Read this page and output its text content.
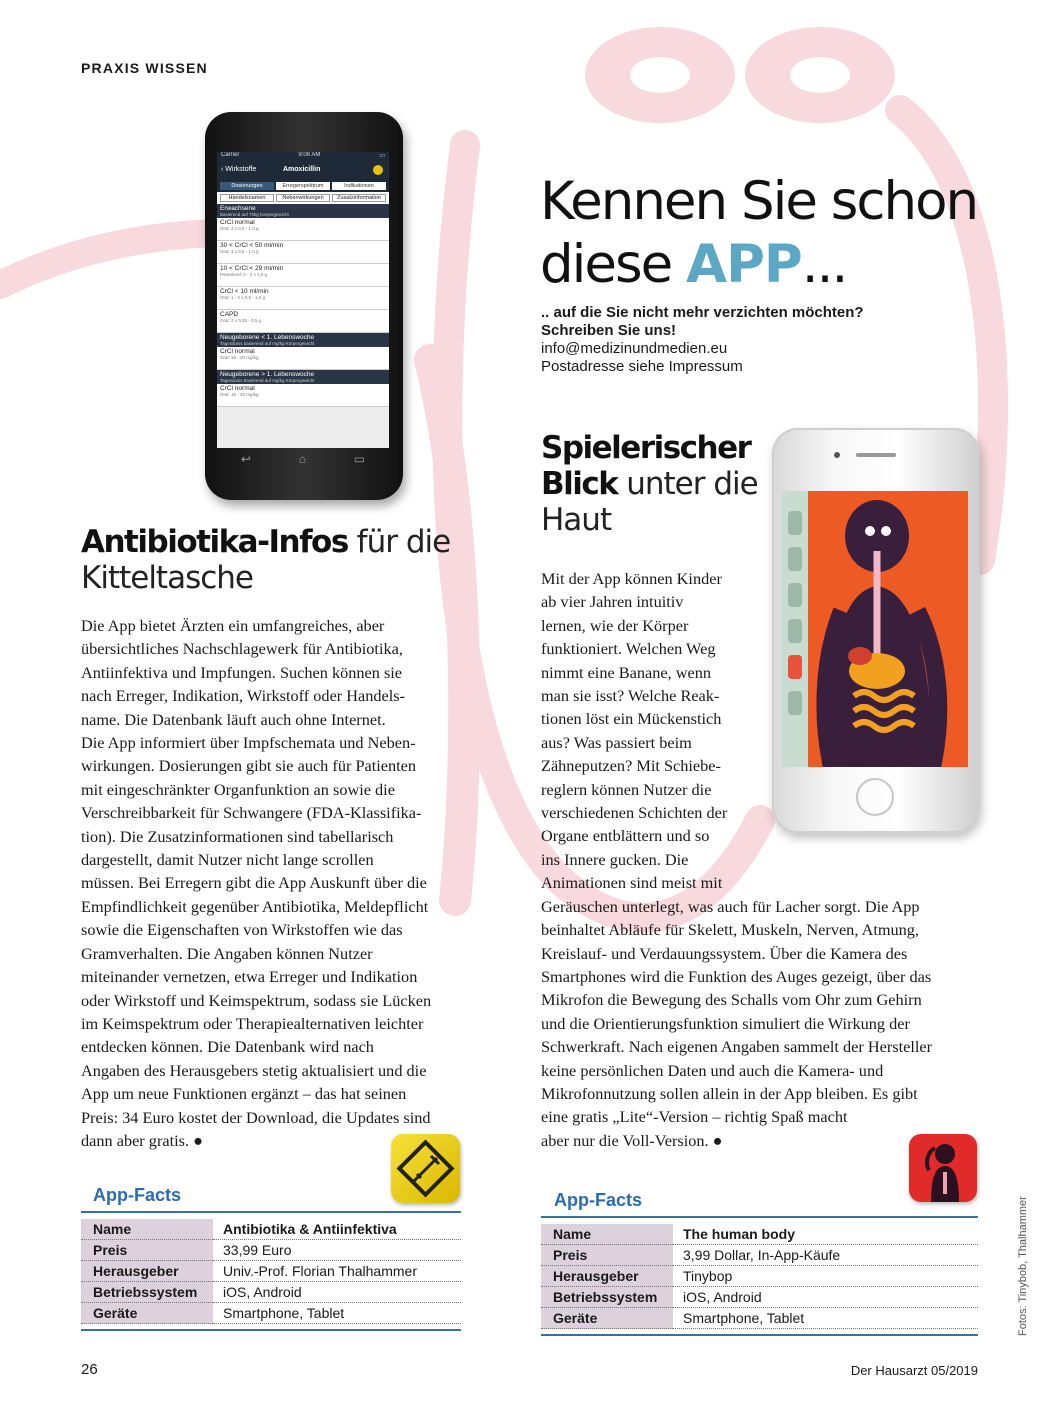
PRAXIS WISSEN
Kennen Sie schon
diese APP...
.. auf die Sie nicht mehr verzichten möchten?
Schreiben Sie uns!
info@medizinundmedien.eu
Postadresse siehe Impressum
Carrier	9:08 AM	▭
‹ Wirkstoffe	Amoxicillin
Dosierungen	Erregerspektrum	Indikationen
Handelsnamen	Nebenwirkungen	Zusatzinformation
Erwachsene
Basierend auf 70kg Körpergewicht
CrCl normal
Oral: 3 x 0,5 - 1,0 g
30 < CrCl < 50 ml/min
Oral: 3 x 0,5 - 1,0 g
10 < CrCl < 29 ml/min
Parenteral: 2 - 3 x 1,0 g
CrCl < 10 ml/min
Oral: 1 - 2 x 0,5 - 1,0 g
CAPD
Oral: 2 x 0,25 - 0,5 g
Neugeborene < 1. Lebenswoche
Tagesdosis basierend auf mg/kg Körpergewicht
CrCl normal
Oral: 15 - 20 mg/kg
Neugeborene > 1. Lebenswoche
Tagesdosis basierend auf mg/kg Körpergewicht
CrCl normal
Oral: 15 - 20 mg/kg
↩	⌂	▭
Antibiotika-Infos für die
Kitteltasche

Die App bietet Ärzten ein umfangreiches, aber

übersichtliches Nachschlagewerk für Antibiotika,

Antiinfektiva und Impfungen. Suchen können sie

nach Erreger, Indikation, Wirkstoff oder Handels-

name. Die Datenbank läuft auch ohne Internet.

Die App informiert über Impfschemata und Neben-

wirkungen. Dosierungen gibt sie auch für Patienten

mit eingeschränkter Organfunktion an sowie die

Verschreibbarkeit für Schwangere (FDA-Klassifika-

tion). Die Zusatzinformationen sind tabellarisch

dargestellt, damit Nutzer nicht lange scrollen

müssen. Bei Erregern gibt die App Auskunft über die

Empfindlichkeit gegenüber Antibiotika, Meldepflicht

sowie die Eigenschaften von Wirkstoffen wie das

Gramverhalten. Die Angaben können Nutzer

miteinander vernetzen, etwa Erreger und Indikation

oder Wirkstoff und Keimspektrum, sodass sie Lücken

im Keimspektrum oder Therapiealternativen leichter

entdecken können. Die Datenbank wird nach

Angaben des Herausgebers stetig aktualisiert und die

App um neue Funktionen ergänzt – das hat seinen

Preis: 34 Euro kostet der Download, die Updates sind

dann aber gratis. ●

App-Facts
Name	Antibiotika & Antiinfektiva
Preis	33,99 Euro
Herausgeber	Univ.-Prof. Florian Thalhammer
Betriebssystem	iOS, Android
Geräte	Smartphone, Tablet
Spielerischer
Blick unter die
Haut

Mit der App können Kinder

ab vier Jahren intuitiv

lernen, wie der Körper

funktioniert. Welchen Weg

nimmt eine Banane, wenn

man sie isst? Welche Reak-

tionen löst ein Mückenstich

aus? Was passiert beim

Zähneputzen? Mit Schiebe-

reglern können Nutzer die

verschiedenen Schichten der

Organe entblättern und so

ins Innere gucken. Die

Animationen sind meist mit

Geräuschen unterlegt, was auch für Lacher sorgt. Die App

beinhaltet Abläufe für Skelett, Muskeln, Nerven, Atmung,

Kreislauf- und Verdauungssystem. Über die Kamera des

Smartphones wird die Funktion des Auges gezeigt, über das

Mikrofon die Bewegung des Schalls vom Ohr zum Gehirn

und die Orientierungsfunktion simuliert die Wirkung der

Schwerkraft. Nach eigenen Angaben sammelt der Hersteller

keine persönlichen Daten und auch die Kamera- und

Mikrofonnutzung sollen allein in der App bleiben. Es gibt

eine gratis „Lite“-Version – richtig Spaß macht

aber nur die Voll-Version. ●

App-Facts
Name	The human body
Preis	3,99 Dollar, In-App-Käufe
Herausgeber	Tinybop
Betriebssystem	iOS, Android
Geräte	Smartphone, Tablet	Fotos: Tinybob, Thalhammer
26	Der Hausarzt 05/2019
